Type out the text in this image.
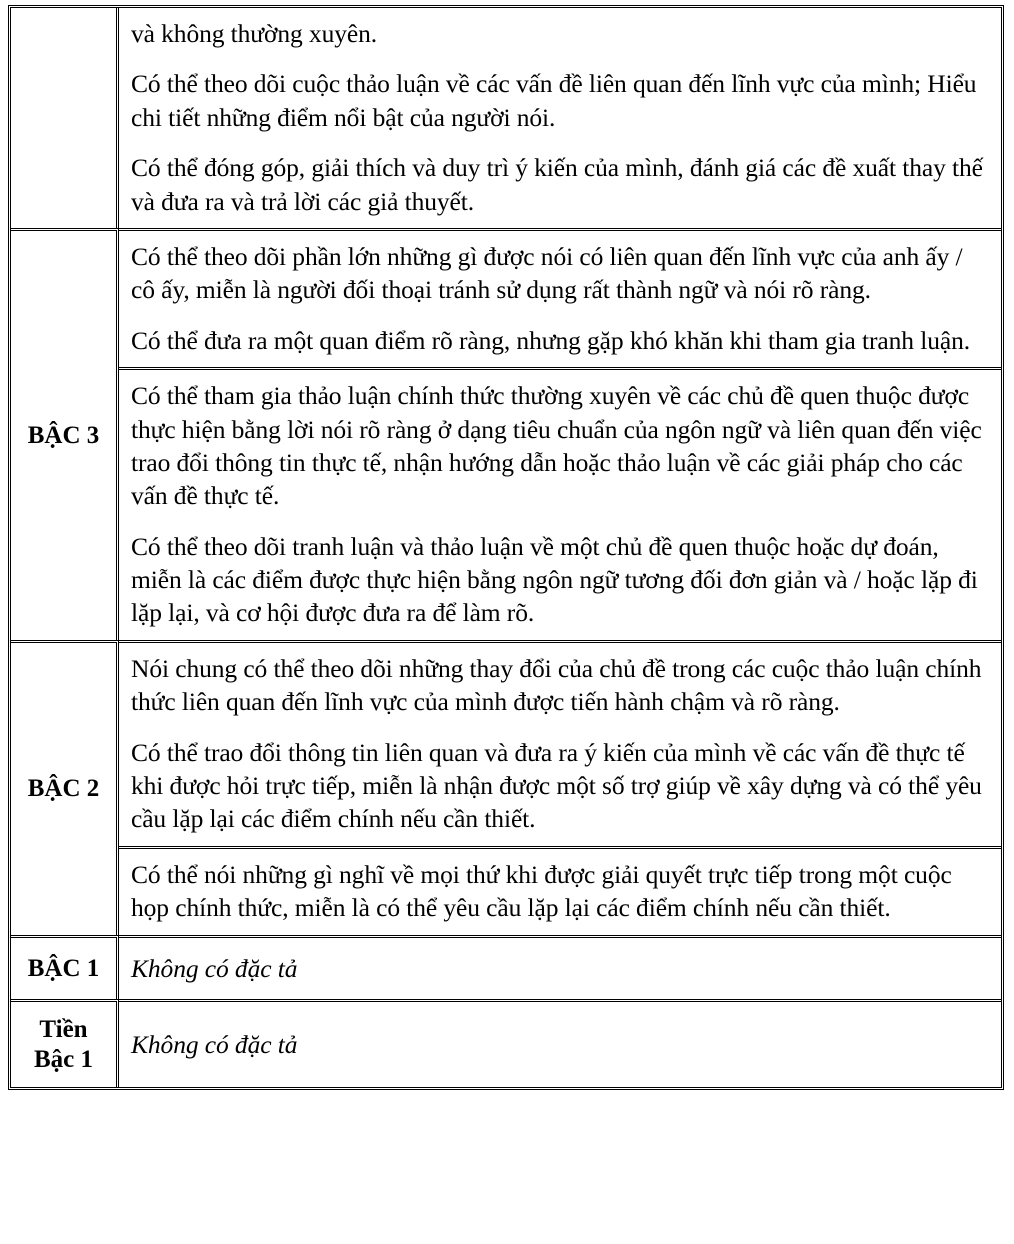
	và không thường xuyên.

Có thể theo dõi cuộc thảo luận về các vấn đề liên quan đến lĩnh vực của mình; Hiểu chi tiết những điểm nổi bật của người nói.

Có thể đóng góp, giải thích và duy trì ý kiến của mình, đánh giá các đề xuất thay thế và đưa ra và trả lời các giả thuyết.

BẬC 3	Có thể theo dõi phần lớn những gì được nói có liên quan đến lĩnh vực của anh ấy / cô ấy, miễn là người đối thoại tránh sử dụng rất thành ngữ và nói rõ ràng.

Có thể đưa ra một quan điểm rõ ràng, nhưng gặp khó khăn khi tham gia tranh luận.

Có thể tham gia thảo luận chính thức thường xuyên về các chủ đề quen thuộc được thực hiện bằng lời nói rõ ràng ở dạng tiêu chuẩn của ngôn ngữ và liên quan đến việc trao đổi thông tin thực tế, nhận hướng dẫn hoặc thảo luận về các giải pháp cho các vấn đề thực tế.

Có thể theo dõi tranh luận và thảo luận về một chủ đề quen thuộc hoặc dự đoán, miễn là các điểm được thực hiện bằng ngôn ngữ tương đối đơn giản và / hoặc lặp đi lặp lại, và cơ hội được đưa ra để làm rõ.

BẬC 2	Nói chung có thể theo dõi những thay đổi của chủ đề trong các cuộc thảo luận chính thức liên quan đến lĩnh vực của mình được tiến hành chậm và rõ ràng.

Có thể trao đổi thông tin liên quan và đưa ra ý kiến của mình về các vấn đề thực tế khi được hỏi trực tiếp, miễn là nhận được một số trợ giúp về xây dựng và có thể yêu cầu lặp lại các điểm chính nếu cần thiết.

Có thể nói những gì nghĩ về mọi thứ khi được giải quyết trực tiếp trong một cuộc họp chính thức, miễn là có thể yêu cầu lặp lại các điểm chính nếu cần thiết.

BẬC 1	Không có đặc tả

Tiền
Bậc 1	Không có đặc tả
